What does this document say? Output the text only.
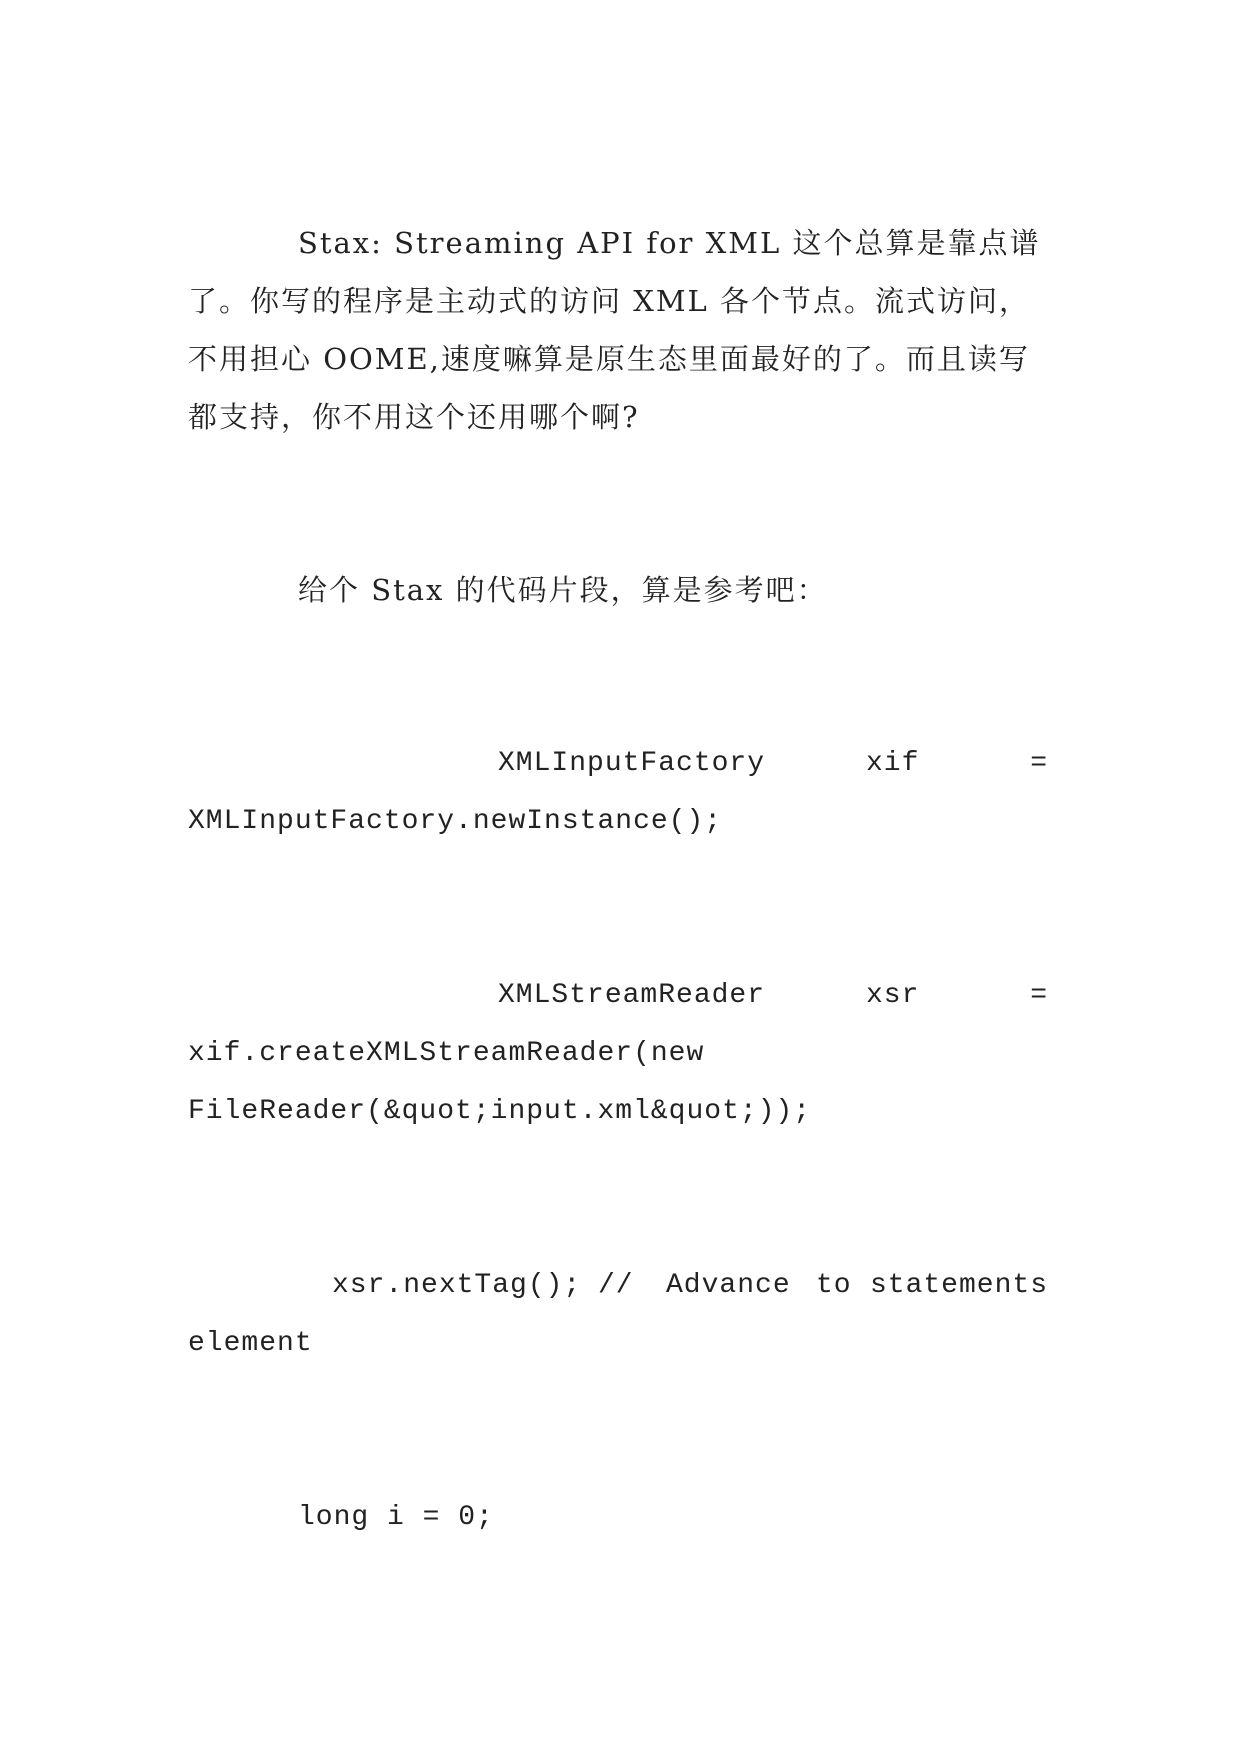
Stax: Streaming API for XML 这个总算是靠点谱
了。你写的程序是主动式的访问 XML 各个节点。流式访问，
不用担心 OOME,速度嘛算是原生态里面最好的了。而且读写
都支持，你不用这个还用哪个啊?
给个 Stax 的代码片段，算是参考吧：
XMLInputFactory	xif	=
XMLInputFactory.newInstance();
XMLStreamReader	xsr	=
xif.createXMLStreamReader(new
FileReader(&quot;input.xml&quot;));
xsr.nextTag(); // Advance to statements
element
long i = 0;
